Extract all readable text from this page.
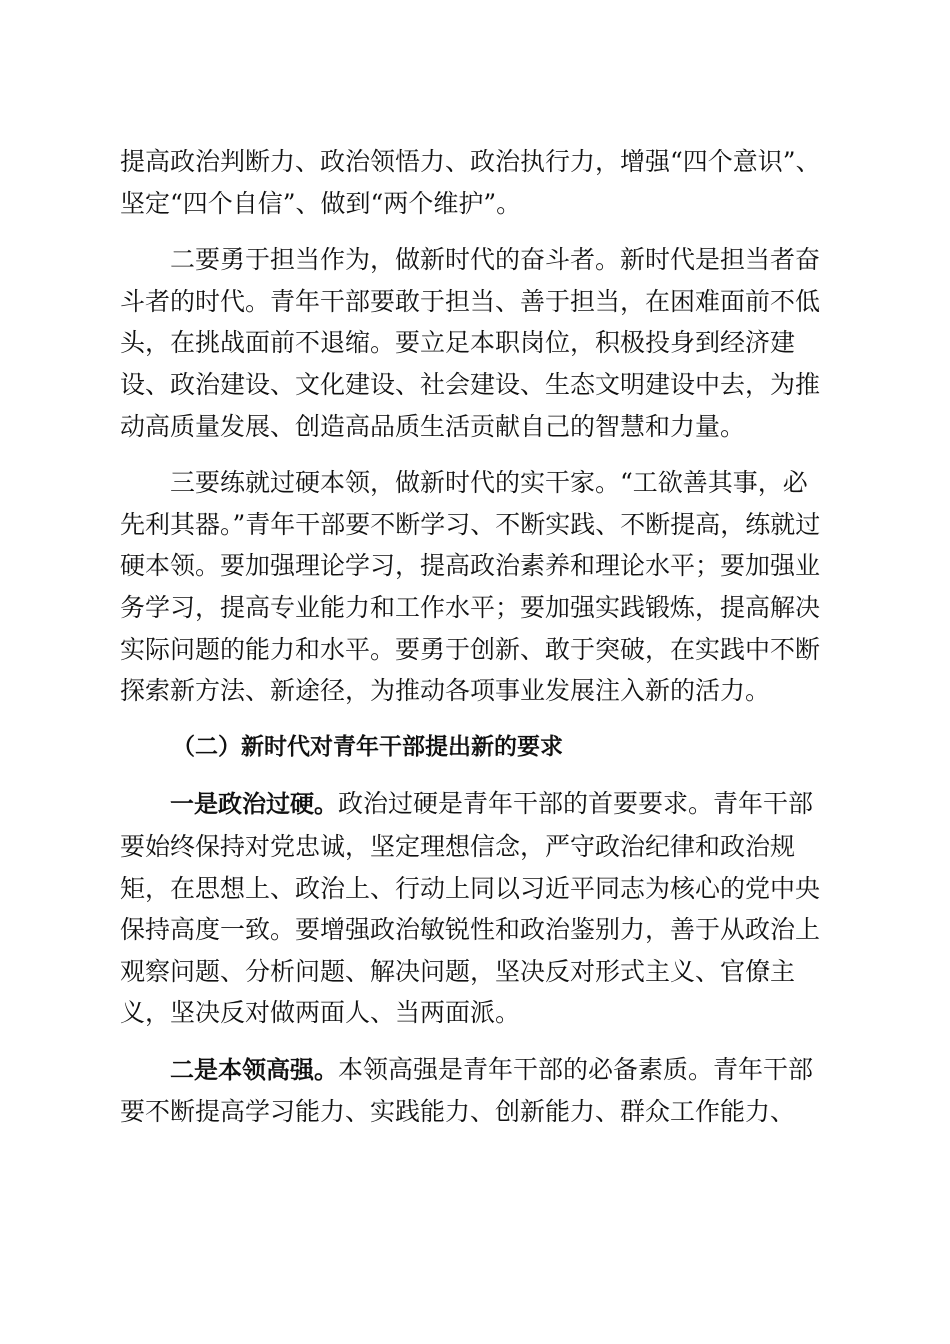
提高政治判断力、政治领悟力、政治执行力，增强“四个意识”、坚定“四个自信”、做到“两个维护”。

二要勇于担当作为，做新时代的奋斗者。新时代是担当者奋斗者的时代。青年干部要敢于担当、善于担当，在困难面前不低头，在挑战面前不退缩。要立足本职岗位，积极投身到经济建设、政治建设、文化建设、社会建设、生态文明建设中去，为推动高质量发展、创造高品质生活贡献自己的智慧和力量。

三要练就过硬本领，做新时代的实干家。“工欲善其事，必先利其器。”青年干部要不断学习、不断实践、不断提高，练就过硬本领。要加强理论学习，提高政治素养和理论水平；要加强业务学习，提高专业能力和工作水平；要加强实践锻炼，提高解决实际问题的能力和水平。要勇于创新、敢于突破，在实践中不断探索新方法、新途径，为推动各项事业发展注入新的活力。

（二）新时代对青年干部提出新的要求

一是政治过硬。政治过硬是青年干部的首要要求。青年干部要始终保持对党忠诚，坚定理想信念，严守政治纪律和政治规矩，在思想上、政治上、行动上同以习近平同志为核心的党中央保持高度一致。要增强政治敏锐性和政治鉴别力，善于从政治上观察问题、分析问题、解决问题，坚决反对形式主义、官僚主义，坚决反对做两面人、当两面派。

二是本领高强。本领高强是青年干部的必备素质。青年干部要不断提高学习能力、实践能力、创新能力、群众工作能力、
